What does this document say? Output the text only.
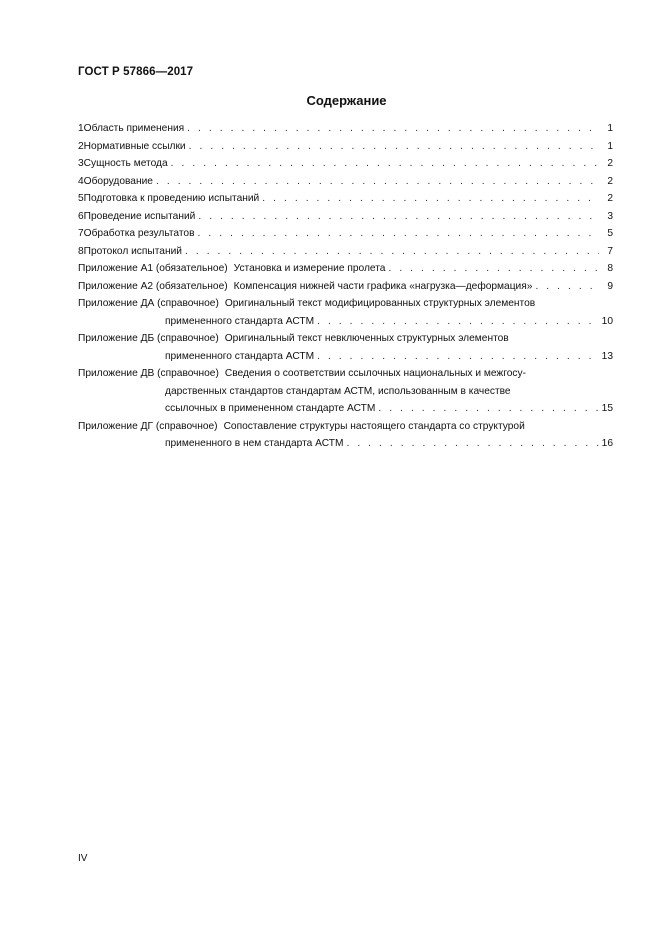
ГОСТ Р 57866—2017
Содержание
1 Область применения . . .	1
2 Нормативные ссылки . . .	1
3 Сущность метода . . .	2
4 Оборудование . . .	2
5 Подготовка к проведению испытаний . . .	2
6 Проведение испытаний . . .	3
7 Обработка результатов . . .	5
8 Протокол испытаний . . .	7
Приложение А1 (обязательное) Установка и измерение пролета . . .	8
Приложение А2 (обязательное) Компенсация нижней части графика «нагрузка—деформация» . . .	9
Приложение ДА (справочное) Оригинальный текст модифицированных структурных элементов
примененного стандарта АСТМ . . .	10
Приложение ДБ (справочное) Оригинальный текст невключенных структурных элементов
примененного стандарта АСТМ . . .	13
Приложение ДВ (справочное) Сведения о соответствии ссылочных национальных и межгосу-
дарственных стандартов стандартам АСТМ, использованным в качестве
ссылочных в примененном стандарте АСТМ . . .	15
Приложение ДГ (справочное) Сопоставление структуры настоящего стандарта со структурой
примененного в нем стандарта АСТМ . . .	16
IV
